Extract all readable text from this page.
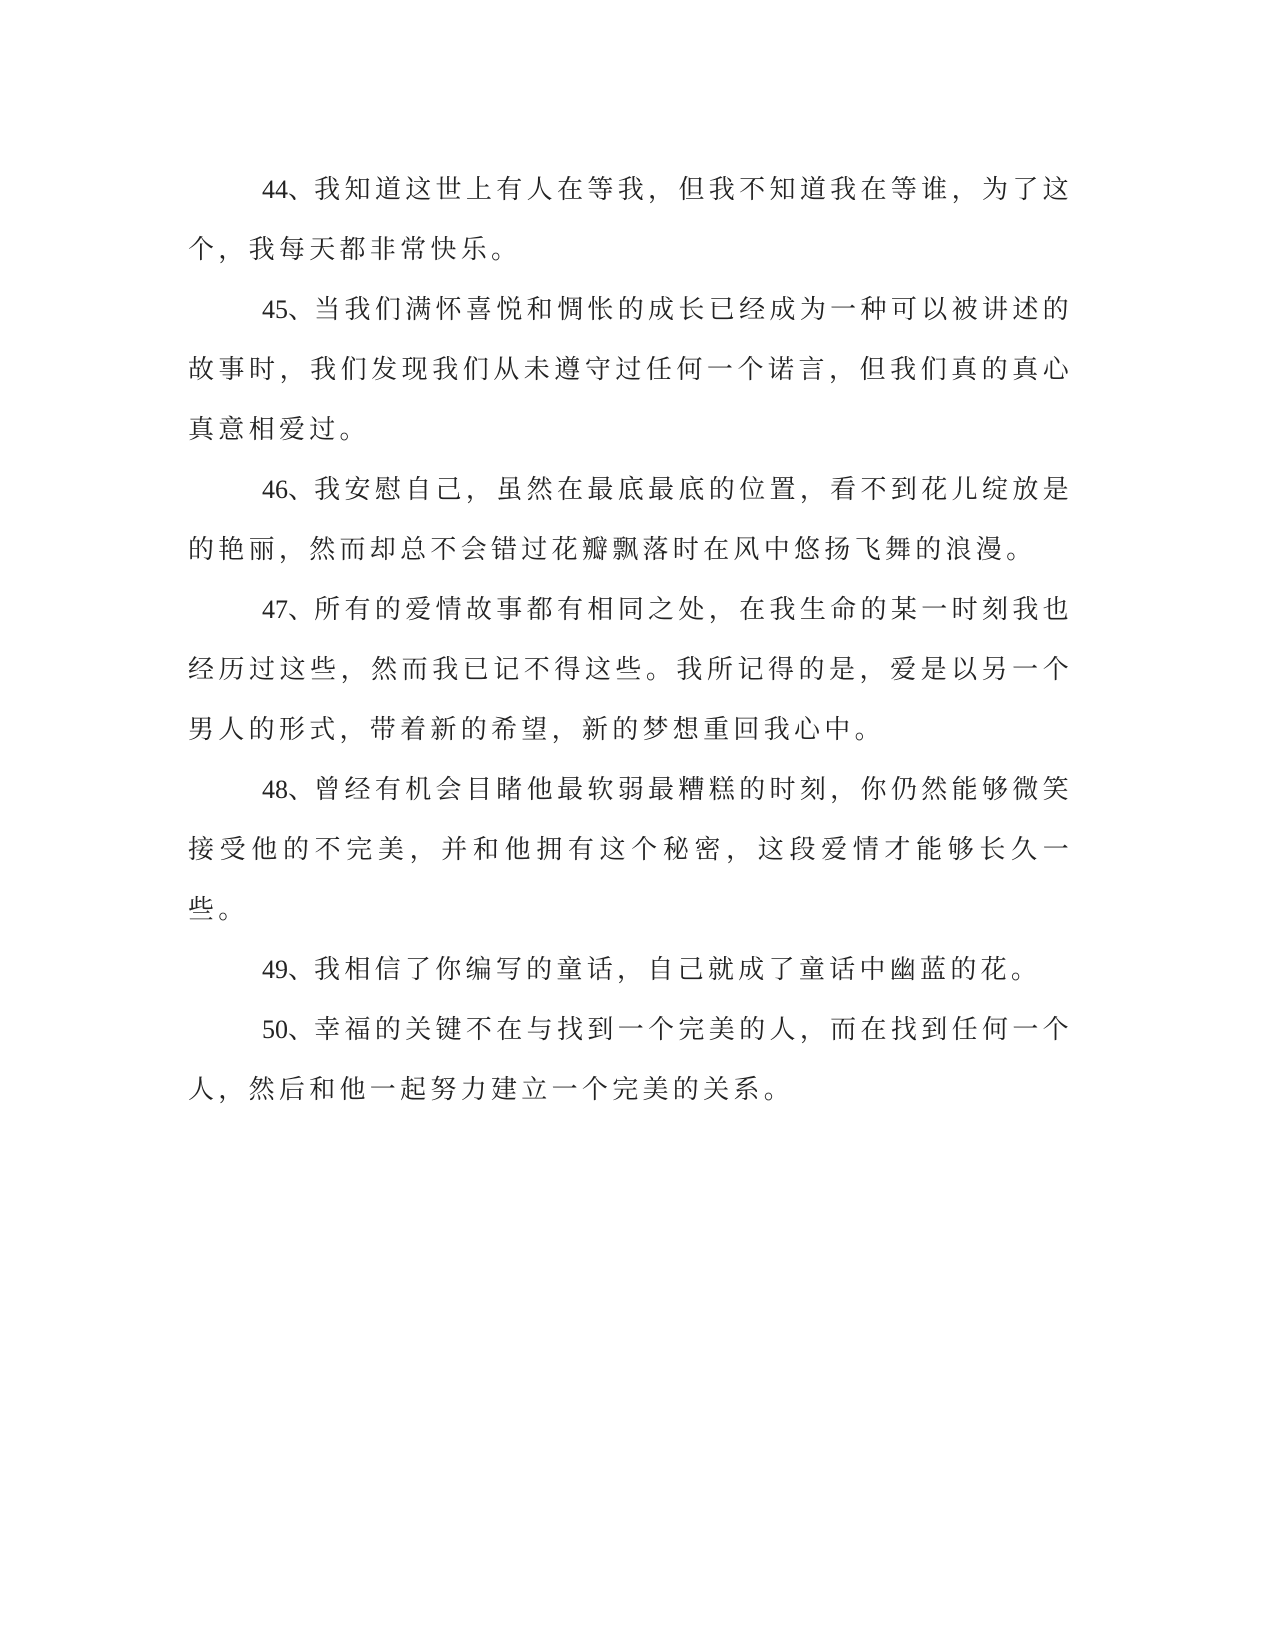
44、我知道这世上有人在等我，但我不知道我在等谁，为了这个，我每天都非常快乐。

45、当我们满怀喜悦和惆怅的成长已经成为一种可以被讲述的故事时，我们发现我们从未遵守过任何一个诺言，但我们真的真心真意相爱过。

46、我安慰自己，虽然在最底最底的位置，看不到花儿绽放是的艳丽，然而却总不会错过花瓣飘落时在风中悠扬飞舞的浪漫。

47、所有的爱情故事都有相同之处，在我生命的某一时刻我也经历过这些，然而我已记不得这些。我所记得的是，爱是以另一个男人的形式，带着新的希望，新的梦想重回我心中。

48、曾经有机会目睹他最软弱最糟糕的时刻，你仍然能够微笑接受他的不完美，并和他拥有这个秘密，这段爱情才能够长久一些。

49、我相信了你编写的童话，自己就成了童话中幽蓝的花。

50、幸福的关键不在与找到一个完美的人，而在找到任何一个人，然后和他一起努力建立一个完美的关系。
